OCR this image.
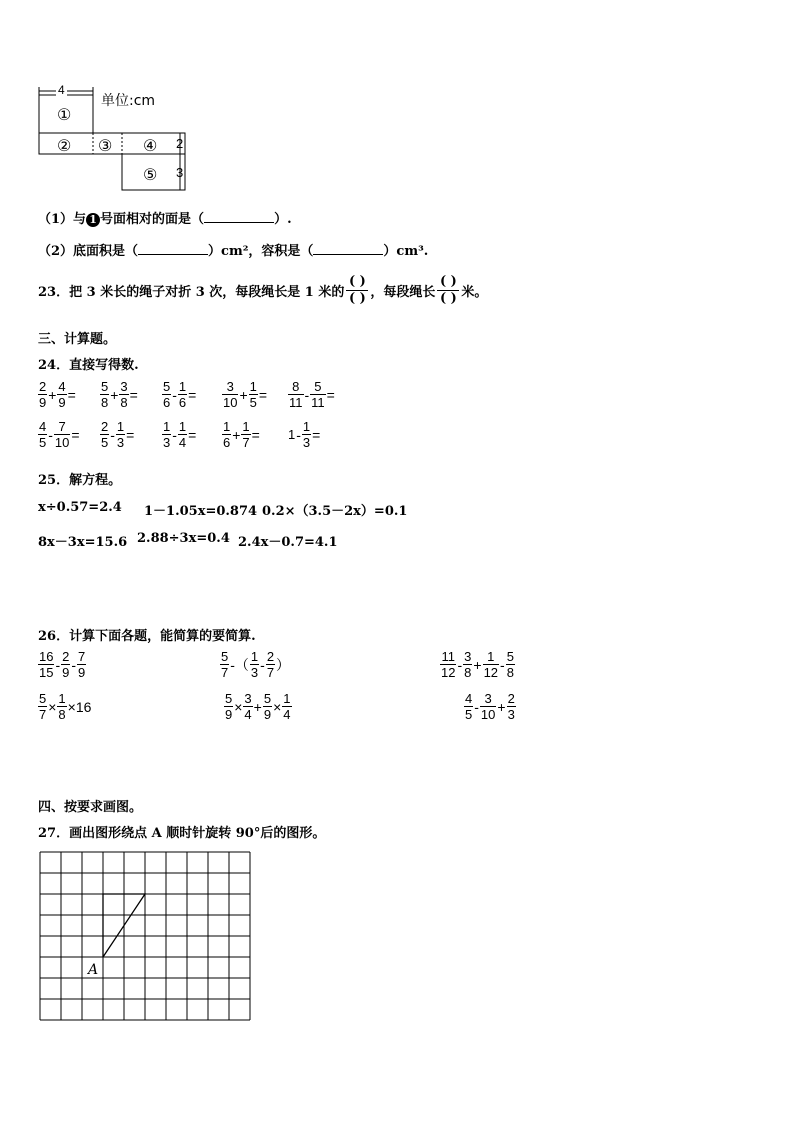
4
单位:cm
①
② ③ ④
⑤
2
3
（1）与 1 号面相对的面是（	）.
（2）底面积是（	）cm²，容积是（	）cm³.
23．把 3 米长的绳子对折 3 次，每段绳长是 1 米的
( )
( ) ，每段绳长
( )
( ) 米。
三、计算题。
24．直接写得数.
$\frac{2}{9} + \frac{4}{9} = \frac{5}{8} + \frac{3}{8} = \frac{5}{6} - \frac{1}{6} = \frac{3}{10} + \frac{1}{5} = \frac{8}{11} - \frac{5}{11}$ =
$\frac{4}{5} - \frac{7}{10} = \frac{2}{5} - \frac{1}{3} = \frac{1}{3} - \frac{1}{4} = \frac{1}{6} + \frac{1}{7} = 1 - \frac{1}{3}$ =
25．解方程。
x÷0.57=2.4 1－1.05x=0.874 0.2×（3.5－2x）=0.1
8x－3x=15.6 2.88÷3x=0.4 2.4x－0.7=4.1
26．计算下面各题，能简算的要简算.
$\frac{16}{15} - \frac{2}{9} - \frac{7}{9}$	$\frac{5}{7}$ -（ $\frac{1}{3} - \frac{2}{7}$ ）	$\frac{11}{12} - \frac{3}{8} + \frac{1}{12} - \frac{5}{8}$
$\frac{5}{7} \times \frac{1}{8} \times 16$	$\frac{5}{9} \times \frac{3}{4} + \frac{5}{9} \times \frac{1}{4}$	$\frac{4}{5} - \frac{3}{10} + \frac{2}{3}$
四、按要求画图。
27．画出图形绕点 A 顺时针旋转 90°后的图形。
A
